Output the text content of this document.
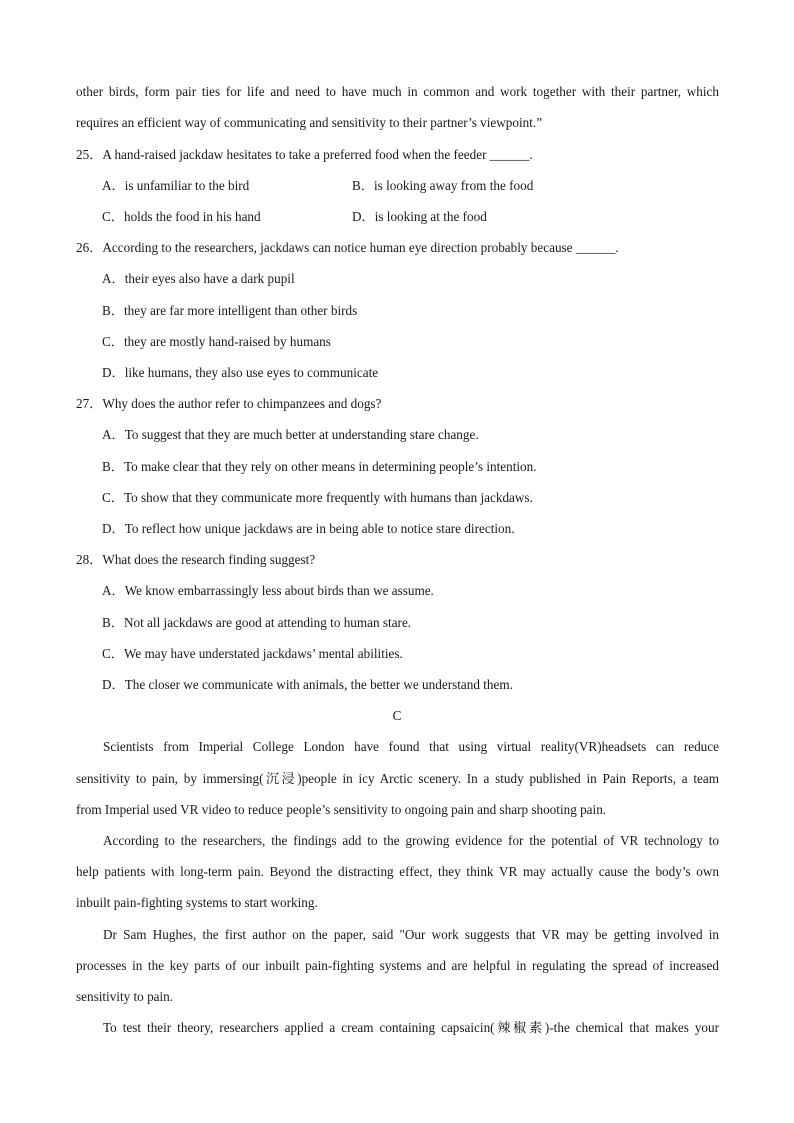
other birds, form pair ties for life and need to have much in common and work together with their partner, which
requires an efficient way of communicating and sensitivity to their partner’s viewpoint.”
25．A hand-raised jackdaw hesitates to take a preferred food when the feeder ______.
A．is unfamiliar to the bird	B．is looking away from the food
C．holds the food in his hand	D．is looking at the food
26．According to the researchers, jackdaws can notice human eye direction probably because ______.
A．their eyes also have a dark pupil
B．they are far more intelligent than other birds
C．they are mostly hand-raised by humans
D．like humans, they also use eyes to communicate
27．Why does the author refer to chimpanzees and dogs?
A．To suggest that they are much better at understanding stare change.
B．To make clear that they rely on other means in determining people’s intention.
C．To show that they communicate more frequently with humans than jackdaws.
D．To reflect how unique jackdaws are in being able to notice stare direction.
28．What does the research finding suggest?
A．We know embarrassingly less about birds than we assume.
B．Not all jackdaws are good at attending to human stare.
C．We may have understated jackdaws’ mental abilities.
D．The closer we communicate with animals, the better we understand them.
C
Scientists from Imperial College London have found that using virtual reality(VR)headsets can reduce
sensitivity to pain, by immersing(沉浸)people in icy Arctic scenery. In a study published in Pain Reports, a team
from Imperial used VR video to reduce people’s sensitivity to ongoing pain and sharp shooting pain.
According to the researchers, the findings add to the growing evidence for the potential of VR technology to
help patients with long-term pain. Beyond the distracting effect, they think VR may actually cause the body’s own
inbuilt pain-fighting systems to start working.
Dr Sam Hughes, the first author on the paper, said "Our work suggests that VR may be getting involved in
processes in the key parts of our inbuilt pain-fighting systems and are helpful in regulating the spread of increased
sensitivity to pain.
To test their theory, researchers applied a cream containing capsaicin(辣椒素)-the chemical that makes your
